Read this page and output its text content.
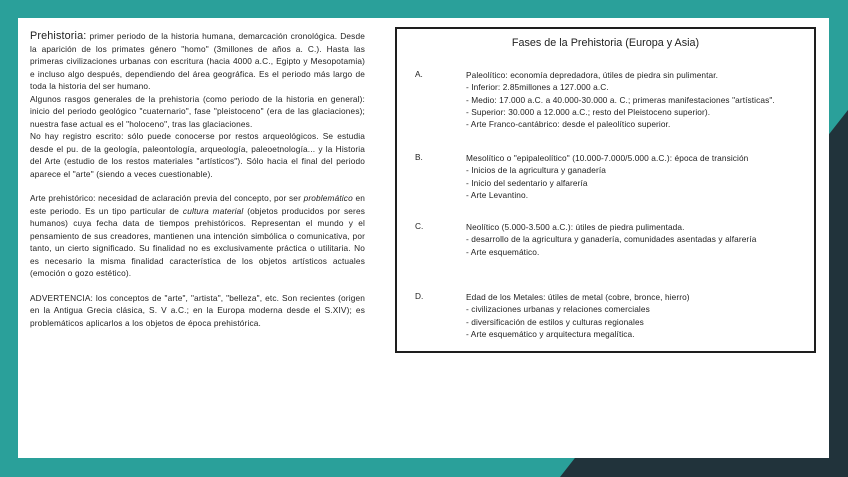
Prehistoria: primer periodo de la historia humana, demarcación cronológica. Desde la aparición de los primates género "homo" (3millones de años a. C.). Hasta las primeras civilizaciones urbanas con escritura (hacia 4000 a.C., Egipto y Mesopotamia) e incluso algo después, dependiendo del área geográfica. Es el periodo más largo de toda la historia del ser humano.

Algunos rasgos generales de la prehistoria (como periodo de la historia en general): inicio del periodo geológico "cuaternario", fase "pleistoceno" (era de las glaciaciones); nuestra fase actual es el "holoceno", tras las glaciaciones.

No hay registro escrito: sólo puede conocerse por restos arqueológicos. Se estudia desde el pu. de la geología, paleontología, arqueología, paleoetnología... y la Historia del Arte (estudio de los restos materiales "artísticos"). Sólo hacia el final del periodo aparece el "arte" (siendo a veces cuestionable).

Arte prehistórico: necesidad de aclaración previa del concepto, por ser problemático en este periodo. Es un tipo particular de cultura material (objetos producidos por seres humanos) cuya fecha data de tiempos prehistóricos. Representan el mundo y el pensamiento de sus creadores, mantienen una intención simbólica o comunicativa, por tanto, un cierto significado. Su finalidad no es exclusivamente práctica o utilitaria. No es necesario la misma finalidad característica de los objetos artísticos actuales (emoción o gozo estético).

ADVERTENCIA: los conceptos de "arte", "artista", "belleza", etc. Son recientes (origen en la Antigua Grecia clásica, S. V a.C.; en la Europa moderna desde el S.XIV); es problemáticos aplicarlos a los objetos de época prehistórica.

Fases de la Prehistoria (Europa y Asia)
A.	Paleolítico: economía depredadora, útiles de piedra sin pulimentar.
- Inferior: 2.85millones a 127.000 a.C.
- Medio: 17.000 a.C. a 40.000-30.000 a. C.; primeras manifestaciones "artísticas".
- Superior: 30.000 a 12.000 a.C.; resto del Pleistoceno superior).
- Arte Franco-cantábrico: desde el paleolítico superior.
B.	Mesolítico o "epipaleolítico" (10.000-7.000/5.000 a.C.): época de transición
- Inicios de la agricultura y ganadería
- Inicio del sedentario y alfarería
- Arte Levantino.
C.	Neolítico (5.000-3.500 a.C.): útiles de piedra pulimentada.
- desarrollo de la agricultura y ganadería, comunidades asentadas y alfarería
- Arte esquemático.
D.	Edad de los Metales: útiles de metal (cobre, bronce, hierro)
- civilizaciones urbanas y relaciones comerciales
- diversificación de estilos y culturas regionales
- Arte esquemático y arquitectura megalítica.
